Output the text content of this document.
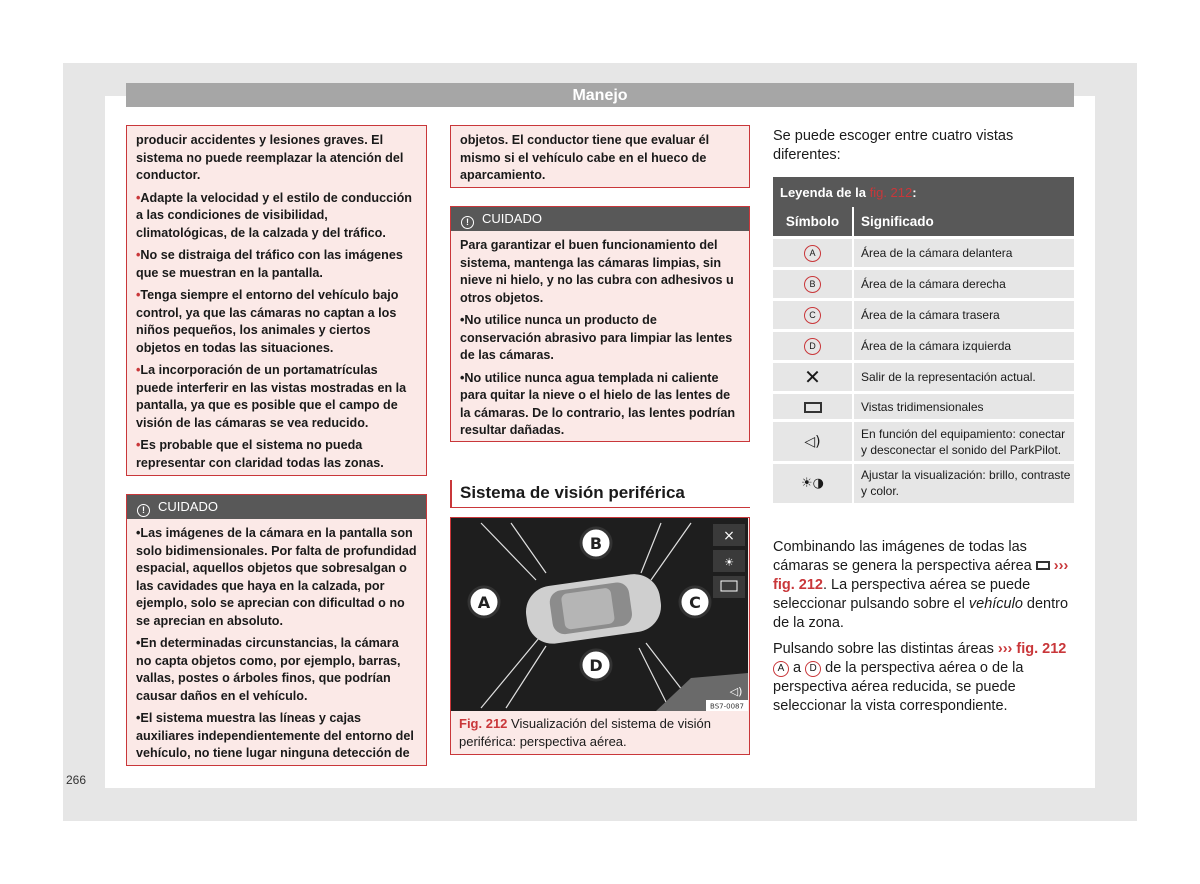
Manejo

producir accidentes y lesiones graves. El sistema no puede reemplazar la atención del conductor.

• Adapte la velocidad y el estilo de conducción a las condiciones de visibilidad, climatológicas, de la calzada y del tráfico.

• No se distraiga del tráfico con las imágenes que se muestran en la pantalla.

• Tenga siempre el entorno del vehículo bajo control, ya que las cámaras no captan a los niños pequeños, los animales y ciertos objetos en todas las situaciones.

• La incorporación de un portamatrículas puede interferir en las vistas mostradas en la pantalla, ya que es posible que el campo de visión de las cámaras se vea reducido.

• Es probable que el sistema no pueda representar con claridad todas las zonas.

! CUIDADO

• Las imágenes de la cámara en la pantalla son solo bidimensionales. Por falta de profundidad espacial, aquellos objetos que sobresalgan o las cavidades que haya en la calzada, por ejemplo, solo se aprecian con dificultad o no se aprecian en absoluto.

• En determinadas circunstancias, la cámara no capta objetos como, por ejemplo, barras, vallas, postes o árboles finos, que podrían causar daños en el vehículo.

• El sistema muestra las líneas y cajas auxiliares independientemente del entorno del vehículo, no tiene lugar ninguna detección de

objetos. El conductor tiene que evaluar él mismo si el vehículo cabe en el hueco de aparcamiento.

! CUIDADO

Para garantizar el buen funcionamiento del sistema, mantenga las cámaras limpias, sin nieve ni hielo, y no las cubra con adhesivos u otros objetos.

• No utilice nunca un producto de conservación abrasivo para limpiar las lentes de las cámaras.

• No utilice nunca agua templada ni caliente para quitar la nieve o el hielo de las lentes de la cámaras. De lo contrario, las lentes podrían resultar dañadas.

Sistema de visión periférica
×
☀
◁)
BS7-0087
A
B
C
D
Fig. 212 Visualización del sistema de visión periférica: perspectiva aérea.
Se puede escoger entre cuatro vistas diferentes:
Leyenda de la fig. 212:	
Símbolo	Significado
A	Área de la cámara delantera
B	Área de la cámara derecha
C	Área de la cámara trasera
D	Área de la cámara izquierda
✕	Salir de la representación actual.
	Vistas tridimensionales
◁)	En función del equipamiento: conectar y desconectar el sonido del ParkPilot.
☀◑	Ajustar la visualización: brillo, contraste y color.
Combinando las imágenes de todas las cámaras se genera la perspectiva aérea ››› fig. 212. La perspectiva aérea se puede seleccionar pulsando sobre el vehículo dentro de la zona.
Pulsando sobre las distintas áreas ››› fig. 212 A a D de la perspectiva aérea o de la perspectiva aérea reducida, se puede seleccionar la vista correspondiente.
266
